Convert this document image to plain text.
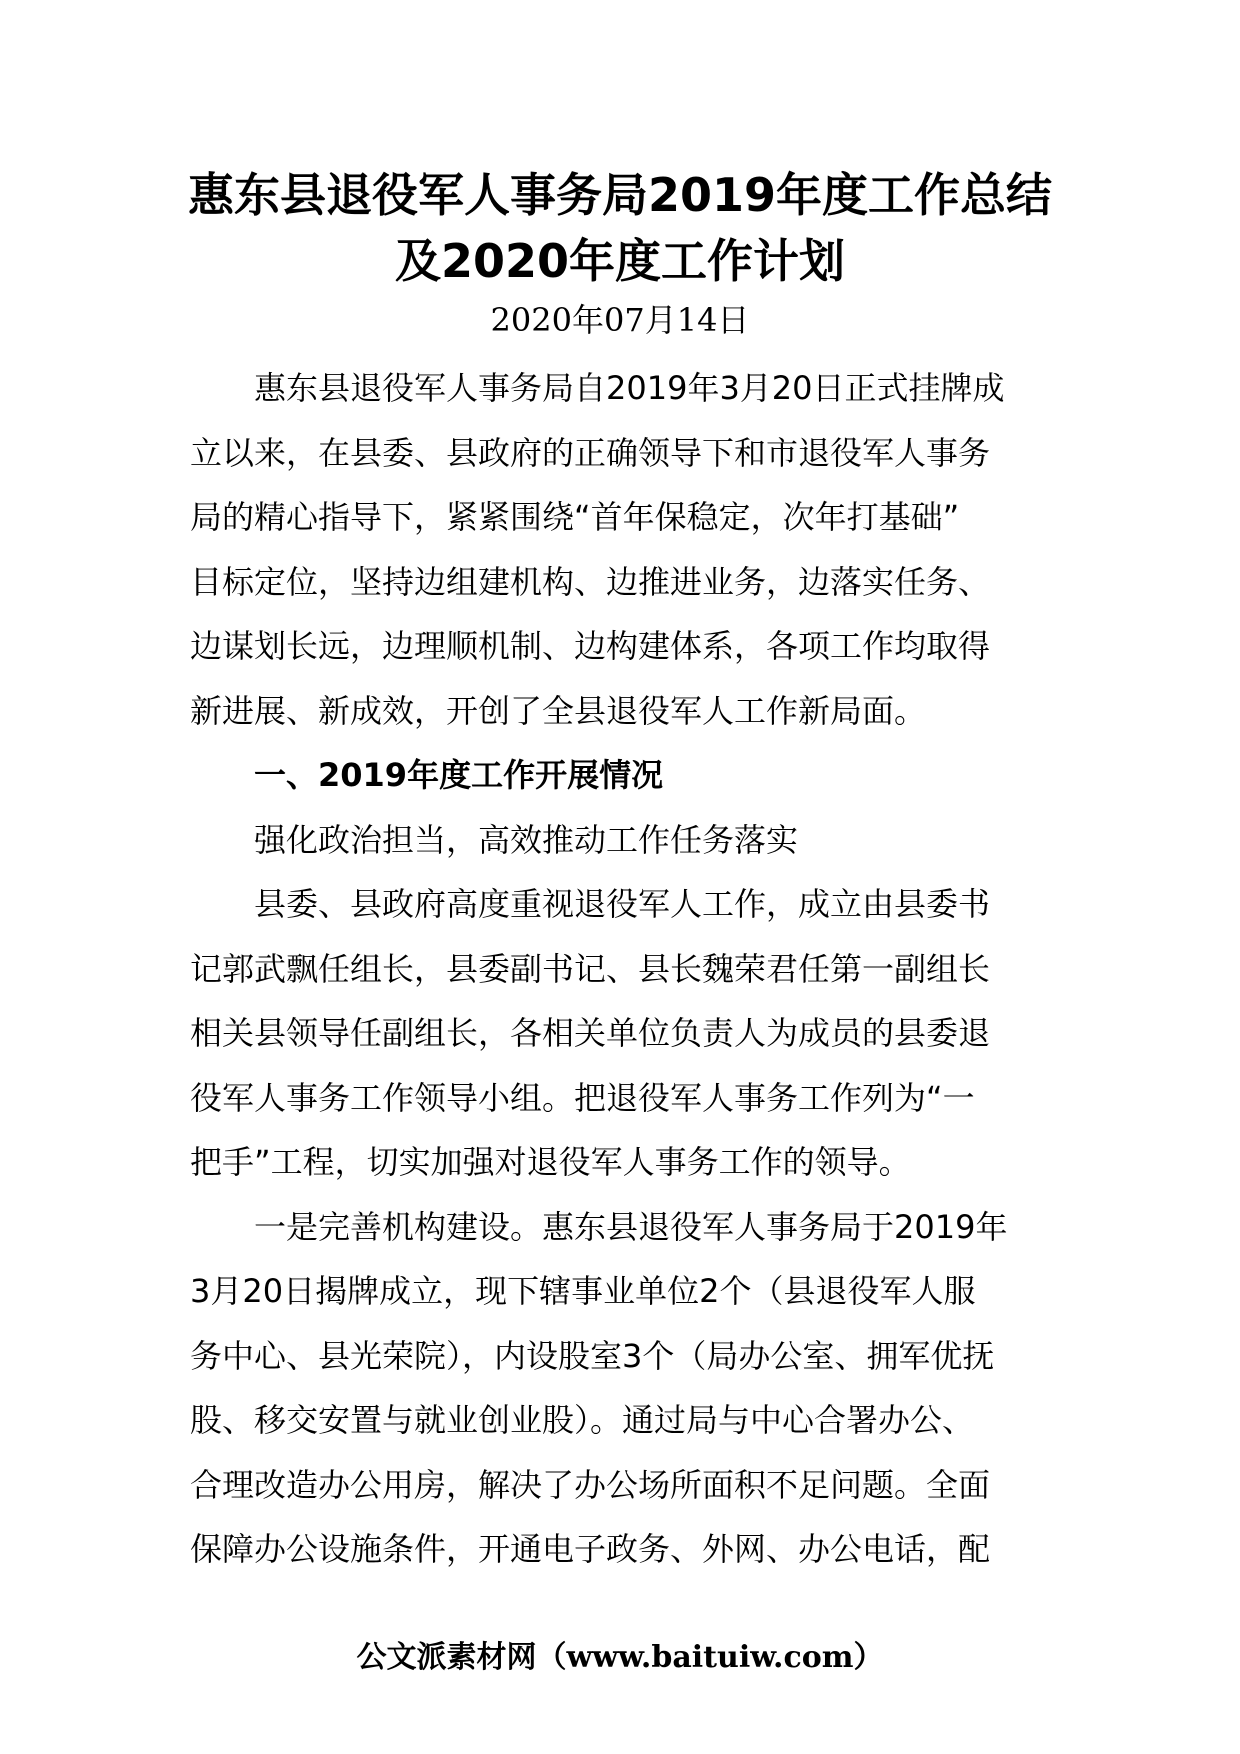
惠东县退役军人事务局2019年度工作总结
及2020年度工作计划
2020年07月14日
惠东县退役军人事务局自2019年3月20日正式挂牌成
立以来，在县委、县政府的正确领导下和市退役军人事务
局的精心指导下，紧紧围绕“首年保稳定，次年打基础”
目标定位，坚持边组建机构、边推进业务，边落实任务、
边谋划长远，边理顺机制、边构建体系，各项工作均取得
新进展、新成效，开创了全县退役军人工作新局面。
一、2019年度工作开展情况
强化政治担当，高效推动工作任务落实
县委、县政府高度重视退役军人工作，成立由县委书
记郭武飘任组长，县委副书记、县长魏荣君任第一副组长
相关县领导任副组长，各相关单位负责人为成员的县委退
役军人事务工作领导小组。把退役军人事务工作列为“一
把手”工程，切实加强对退役军人事务工作的领导。
一是完善机构建设。惠东县退役军人事务局于2019年
3月20日揭牌成立，现下辖事业单位2个（县退役军人服
务中心、县光荣院），内设股室3个（局办公室、拥军优抚
股、移交安置与就业创业股）。通过局与中心合署办公、
合理改造办公用房，解决了办公场所面积不足问题。全面
保障办公设施条件，开通电子政务、外网、办公电话，配
公文派素材网（www.baituiw.com）
